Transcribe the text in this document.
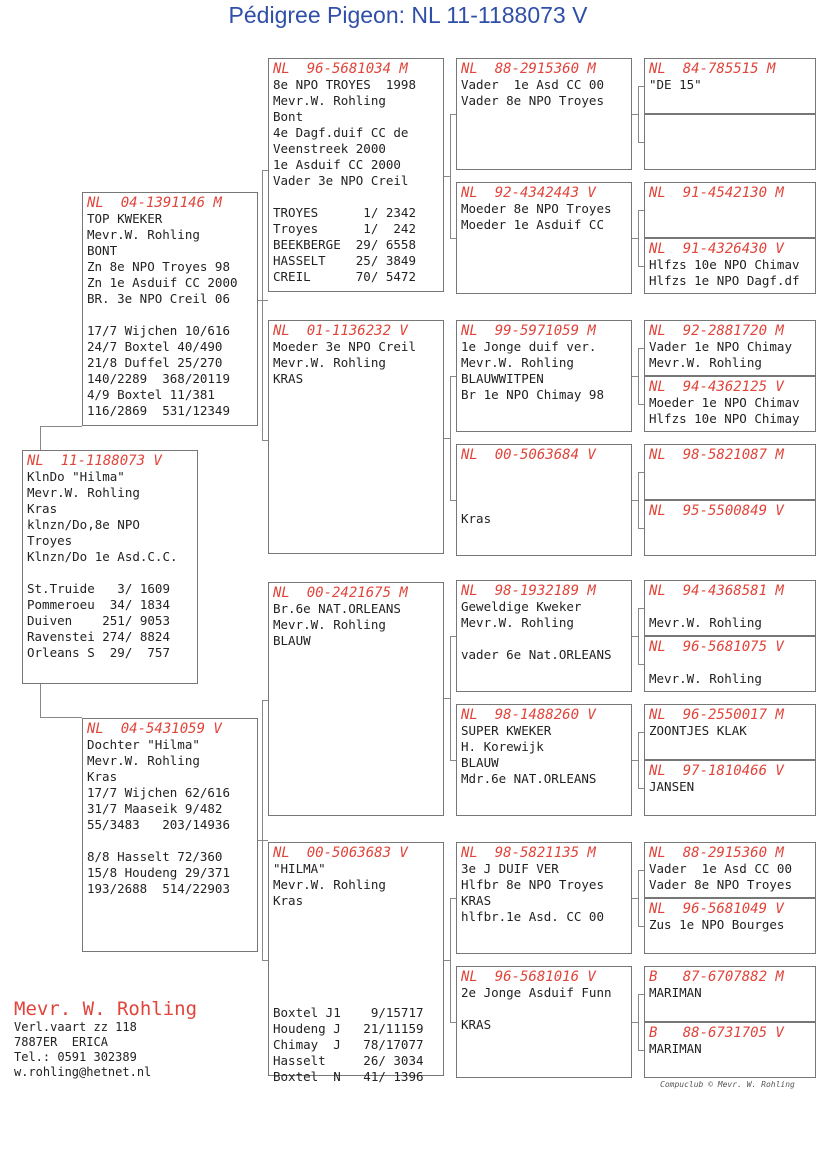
Pédigree Pigeon: NL 11-1188073 V
NL  11-1188073 V
KlnDo "Hilma"
Mevr.W. Rohling
Kras
klnzn/Do,8e NPO
Troyes
Klnzn/Do 1e Asd.C.C.

St.Truide   3/ 1609
Pommeroeu  34/ 1834
Duiven    251/ 9053
Ravenstei 274/ 8824
Orleans S  29/  757
NL  04-1391146 M
TOP KWEKER
Mevr.W. Rohling
BONT
Zn 8e NPO Troyes 98
Zn 1e Asduif CC 2000
BR. 3e NPO Creil 06

17/7 Wijchen 10/616
24/7 Boxtel 40/490
21/8 Duffel 25/270
140/2289  368/20119
4/9 Boxtel 11/381
116/2869  531/12349
NL  04-5431059 V
Dochter "Hilma"
Mevr.W. Rohling
Kras
17/7 Wijchen 62/616
31/7 Maaseik 9/482
55/3483   203/14936

8/8 Hasselt 72/360
15/8 Houdeng 29/371
193/2688  514/22903
NL  96-5681034 M
8e NPO TROYES  1998
Mevr.W. Rohling
Bont
4e Dagf.duif CC de
Veenstreek 2000
1e Asduif CC 2000
Vader 3e NPO Creil

TROYES      1/ 2342
Troyes      1/  242
BEEKBERGE  29/ 6558
HASSELT    25/ 3849
CREIL      70/ 5472
NL  01-1136232 V
Moeder 3e NPO Creil
Mevr.W. Rohling
KRAS
NL  00-2421675 M
Br.6e NAT.ORLEANS
Mevr.W. Rohling
BLAUW
NL  00-5063683 V
"HILMA"
Mevr.W. Rohling
Kras

Boxtel J1    9/15717
Houdeng J   21/11159
Chimay  J   78/17077
Hasselt     26/ 3034
Boxtel  N   41/ 1396
NL  88-2915360 M
Vader  1e Asd CC 00
Vader 8e NPO Troyes
NL  92-4342443 V
Moeder 8e NPO Troyes
Moeder 1e Asduif CC
NL  99-5971059 M
1e Jonge duif ver.
Mevr.W. Rohling
BLAUWWITPEN
Br 1e NPO Chimay 98
NL  00-5063684 V

Kras
NL  98-1932189 M
Geweldige Kweker
Mevr.W. Rohling

vader 6e Nat.ORLEANS
NL  98-1488260 V
SUPER KWEKER
H. Korewijk
BLAUW
Mdr.6e NAT.ORLEANS
NL  98-5821135 M
3e J DUIF VER
Hlfbr 8e NPO Troyes
KRAS
hlfbr.1e Asd. CC 00
NL  96-5681016 V
2e Jonge Asduif Funn

KRAS
NL  84-785515 M
"DE 15"
NL  91-4542130 M
NL  91-4326430 V
Hlfzs 10e NPO Chimav
Hlfzs 1e NPO Dagf.df
NL  92-2881720 M
Vader 1e NPO Chimay
Mevr.W. Rohling
NL  94-4362125 V
Moeder 1e NPO Chimav
Hlfzs 10e NPO Chimay
NL  98-5821087 M
NL  95-5500849 V
NL  94-4368581 M

Mevr.W. Rohling
NL  96-5681075 V

Mevr.W. Rohling
NL  96-2550017 M
ZOONTJES KLAK
NL  97-1810466 V
JANSEN
NL  88-2915360 M
Vader  1e Asd CC 00
Vader 8e NPO Troyes
NL  96-5681049 V
Zus 1e NPO Bourges
B   87-6707882 M
MARIMAN
B   88-6731705 V
MARIMAN
Mevr. W. Rohling
Verl.vaart zz 118
7887ER  ERICA
Tel.: 0591 302389
w.rohling@hetnet.nl
Compuclub © Mevr. W. Rohling
